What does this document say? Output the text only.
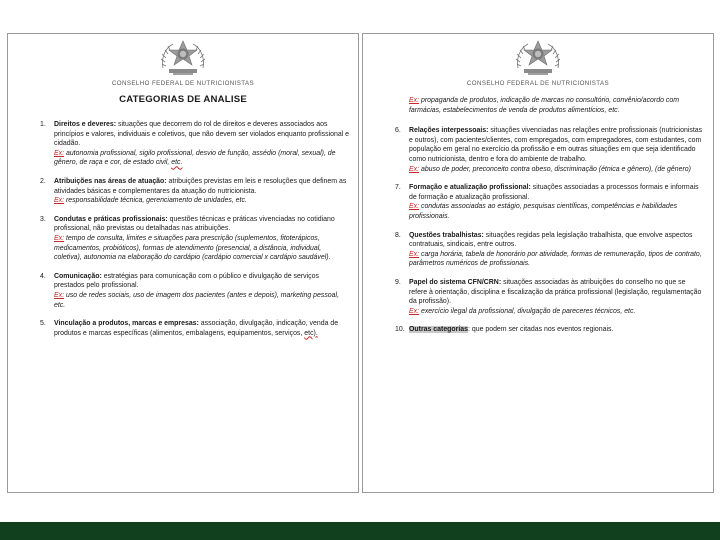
CONSELHO FEDERAL DE NUTRICIONISTAS
CATEGORIAS DE ANALISE
1. Direitos e deveres: situações que decorrem do rol de direitos e deveres associados aos princípios e valores, individuais e coletivos, que não devem ser violados enquanto profissional e cidadão.
Ex: autonomia profissional, sigilo profissional, desvio de função, assédio (moral, sexual), de gênero, de raça e cor, de estado civil, etc.
2. Atribuições nas áreas de atuação: atribuições previstas em leis e resoluções que definem as atividades básicas e complementares da atuação do nutricionista.
Ex: responsabilidade técnica, gerenciamento de unidades, etc.
3. Condutas e práticas profissionais: questões técnicas e práticas vivenciadas no cotidiano profissional, não previstas ou detalhadas nas atribuições.
Ex: tempo de consulta, limites e situações para prescrição (suplementos, fitoterápicos, medicamentos, probióticos), formas de atendimento (presencial, a distância, individual, coletiva), autonomia na elaboração do cardápio (cardápio comercial x cardápio saudável).
4. Comunicação: estratégias para comunicação com o público e divulgação de serviços prestados pelo profissional.
Ex: uso de redes sociais, uso de imagem dos pacientes (antes e depois), marketing pessoal, etc.
5. Vinculação a produtos, marcas e empresas: associação, divulgação, indicação, venda de produtos e marcas específicas (alimentos, embalagens, equipamentos, serviços, etc).
CONSELHO FEDERAL DE NUTRICIONISTAS
Ex: propaganda de produtos, indicação de marcas no consultório, convênio/acordo com farmácias, estabelecimentos de venda de produtos alimentícios, etc.
6. Relações interpessoais: situações vivenciadas nas relações entre profissionais (nutricionistas e outros), com pacientes/clientes, com empregados, com empregadores, com estudantes, com população em geral no exercício da profissão e em outras situações em que seja identificado como nutricionista, dentro e fora do ambiente de trabalho.
Ex: abuso de poder, preconceito contra obeso, discriminação (étnica e gênero), (de gênero)
7. Formação e atualização profissional: situações associadas a processos formais e informais de formação e atualização profissional.
Ex: condutas associadas ao estágio, pesquisas científicas, competências e habilidades profissionais.
8. Questões trabalhistas: situações regidas pela legislação trabalhista, que envolve aspectos contratuais, sindicais, entre outros.
Ex: carga horária, tabela de honorário por atividade, formas de remuneração, tipos de contrato, parâmetros numéricos de profissionais.
9. Papel do sistema CFN/CRN: situações associadas às atribuições do conselho no que se refere à orientação, disciplina e fiscalização da prática profissional (legislação, regulamentação da profissão).
Ex: exercício ilegal da profissional, divulgação de pareceres técnicos, etc.
10. Outras categorias: que podem ser citadas nos eventos regionais.
